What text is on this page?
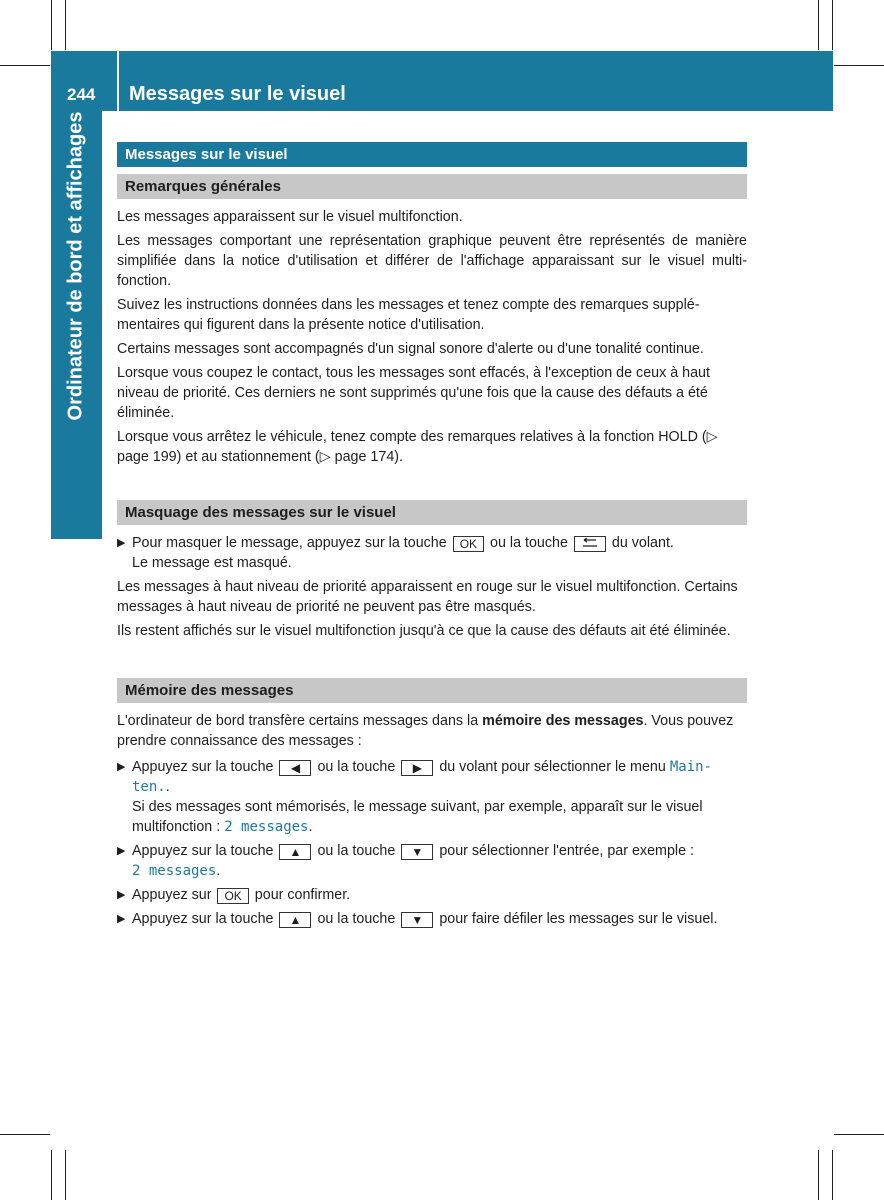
244 Messages sur le visuel
Ordinateur de bord et affichages	Messages sur le visuel
Remarques générales

Les messages apparaissent sur le visuel multifonction.

Les messages comportant une représentation graphique peuvent être représentés de manière simplifiée dans la notice d'utilisation et différer de l'affichage apparaissant sur le visuel multi-fonction.

Suivez les instructions données dans les messages et tenez compte des remarques supplé-mentaires qui figurent dans la présente notice d'utilisation.

Certains messages sont accompagnés d'un signal sonore d'alerte ou d'une tonalité continue.

Lorsque vous coupez le contact, tous les messages sont effacés, à l'exception de ceux à haut niveau de priorité. Ces derniers ne sont supprimés qu'une fois que la cause des défauts a été éliminée.

Lorsque vous arrêtez le véhicule, tenez compte des remarques relatives à la fonction HOLD (▷ page 199) et au stationnement (▷ page 174).

Masquage des messages sur le visuel
▶ Pour masquer le message, appuyez sur la touche OK ou la touche	du volant.
Le message est masqué.

Les messages à haut niveau de priorité apparaissent en rouge sur le visuel multifonction. Certains messages à haut niveau de priorité ne peuvent pas être masqués.

Ils restent affichés sur le visuel multifonction jusqu'à ce que la cause des défauts ait été éliminée.

Mémoire des messages

L'ordinateur de bord transfère certains messages dans la mémoire des messages. Vous pouvez prendre connaissance des messages :

▶ Appuyez sur la touche ◀ ou la touche ▶ du volant pour sélectionner le menu Main-ten..
Si des messages sont mémorisés, le message suivant, par exemple, apparaît sur le visuel multifonction : 2 messages.
▶ Appuyez sur la touche ▲ ou la touche ▼ pour sélectionner l'entrée, par exemple :
2 messages.
▶ Appuyez sur OK pour confirmer.
▶ Appuyez sur la touche ▲ ou la touche ▼ pour faire défiler les messages sur le visuel.
